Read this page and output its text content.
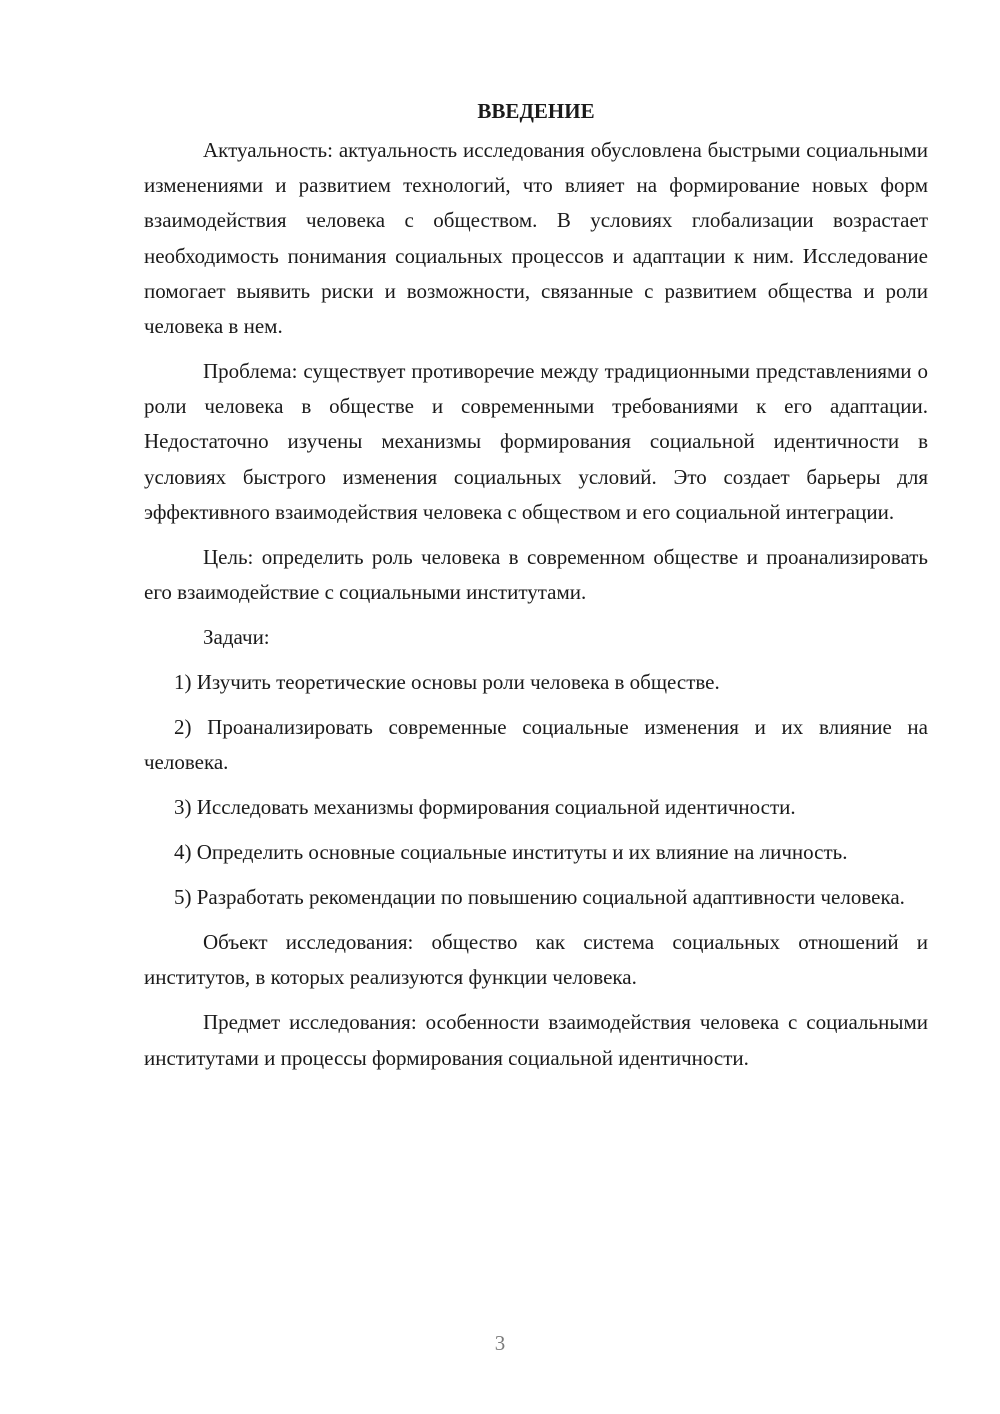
ВВЕДЕНИЕ

Актуальность: актуальность исследования обусловлена быстрыми социальными изменениями и развитием технологий, что влияет на формирование новых форм взаимодействия человека с обществом. В условиях глобализации возрастает необходимость понимания социальных процессов и адаптации к ним. Исследование помогает выявить риски и возможности, связанные с развитием общества и роли человека в нем.

Проблема: существует противоречие между традиционными представлениями о роли человека в обществе и современными требованиями к его адаптации. Недостаточно изучены механизмы формирования социальной идентичности в условиях быстрого изменения социальных условий. Это создает барьеры для эффективного взаимодействия человека с обществом и его социальной интеграции.

Цель: определить роль человека в современном обществе и проанализировать его взаимодействие с социальными институтами.

Задачи:

1) Изучить теоретические основы роли человека в обществе.

2) Проанализировать современные социальные изменения и их влияние на человека.

3) Исследовать механизмы формирования социальной идентичности.

4) Определить основные социальные институты и их влияние на личность.

5) Разработать рекомендации по повышению социальной адаптивности человека.

Объект исследования: общество как система социальных отношений и институтов, в которых реализуются функции человека.

Предмет исследования: особенности взаимодействия человека с социальными институтами и процессы формирования социальной идентичности.

3
